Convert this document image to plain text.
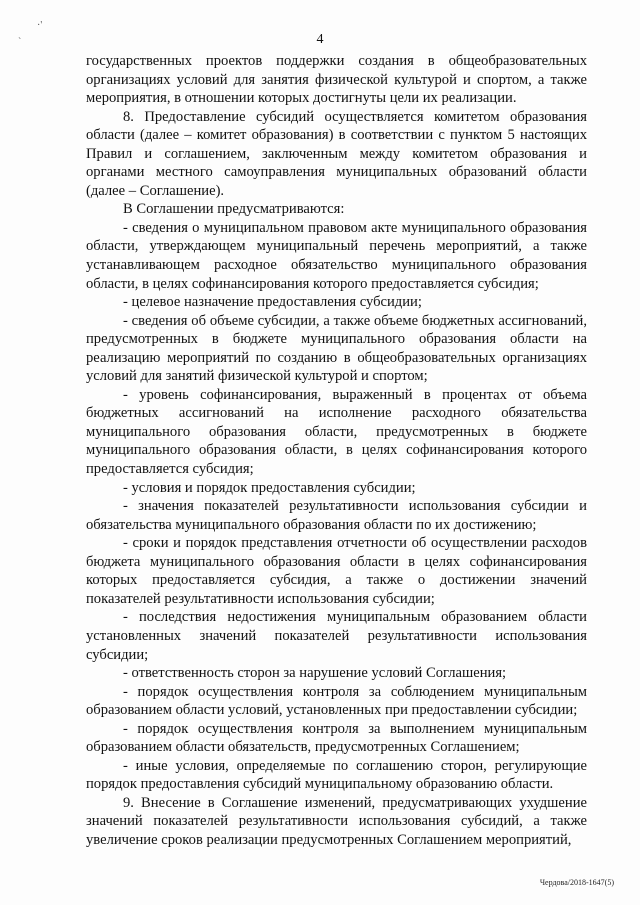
·'
˴	4

государственных проектов поддержки создания в общеобразовательных организациях условий для занятия физической культурой и спортом, а также мероприятия, в отношении которых достигнуты цели их реализации.

8. Предоставление субсидий осуществляется комитетом образования области (далее – комитет образования) в соответствии с пунктом 5 настоящих Правил и соглашением, заключенным между комитетом образования и органами местного самоуправления муниципальных образований области (далее – Соглашение).

В Соглашении предусматриваются:

- сведения о муниципальном правовом акте муниципального образования области, утверждающем муниципальный перечень мероприятий, а также устанавливающем расходное обязательство муниципального образования области, в целях софинансирования которого предоставляется субсидия;

- целевое назначение предоставления субсидии;

- сведения об объеме субсидии, а также объеме бюджетных ассигнований, предусмотренных в бюджете муниципального образования области на реализацию мероприятий по созданию в общеобразовательных организациях условий для занятий физической культурой и спортом;

- уровень софинансирования, выраженный в процентах от объема бюджетных ассигнований на исполнение расходного обязательства муниципального образования области, предусмотренных в бюджете муниципального образования области, в целях софинансирования которого предоставляется субсидия;

- условия и порядок предоставления субсидии;

- значения показателей результативности использования субсидии и обязательства муниципального образования области по их достижению;

- сроки и порядок представления отчетности об осуществлении расходов бюджета муниципального образования области в целях софинансирования которых предоставляется субсидия, а также о достижении значений показателей результативности использования субсидии;

- последствия недостижения муниципальным образованием области установленных значений показателей результативности использования субсидии;

- ответственность сторон за нарушение условий Соглашения;

- порядок осуществления контроля за соблюдением муниципальным образованием области условий, установленных при предоставлении субсидии;

- порядок осуществления контроля за выполнением муниципальным образованием области обязательств, предусмотренных Соглашением;

- иные условия, определяемые по соглашению сторон, регулирующие порядок предоставления субсидий муниципальному образованию области.

9. Внесение в Соглашение изменений, предусматривающих ухудшение значений показателей результативности использования субсидий, а также увеличение сроков реализации предусмотренных Соглашением мероприятий,

Чердова/2018-1647(5)
